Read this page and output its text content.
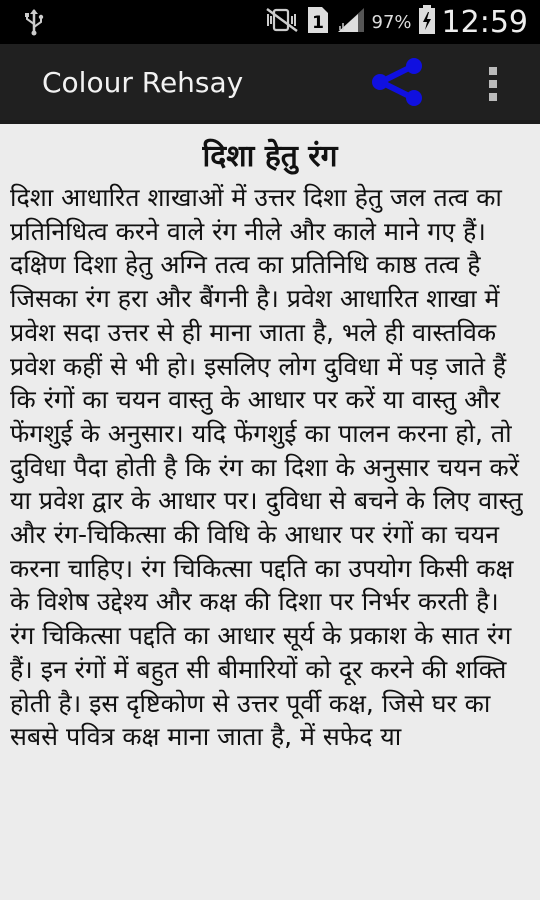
1	97% 12:59
Colour Rehsay
दिशा हेतु रंग
दिशा आधारित शाखाओं में उत्तर दिशा हेतु जल तत्व का प्रतिनिधित्व करने वाले रंग नीले और काले माने गए हैं। दक्षिण दिशा हेतु अग्नि तत्व का प्रतिनिधि काष्ठ तत्व है जिसका रंग हरा और बैंगनी है। प्रवेश आधारित शाखा में प्रवेश सदा उत्तर से ही माना जाता है, भले ही वास्तविक प्रवेश कहीं से भी हो। इसलिए लोग दुविधा में पड़ जाते हैं कि रंगों का चयन वास्तु के आधार पर करें या वास्तु और फेंगशुई के अनुसार। यदि फेंगशुई का पालन करना हो, तो दुविधा पैदा होती है कि रंग का दिशा के अनुसार चयन करें या प्रवेश द्वार के आधार पर। दुविधा से बचने के लिए वास्तु और रंग-चिकित्सा की विधि के आधार पर रंगों का चयन करना चाहिए। रंग चिकित्सा पद्दति का उपयोग किसी कक्ष के विशेष उद्देश्य और कक्ष की दिशा पर निर्भर करती है। रंग चिकित्सा पद्दति का आधार सूर्य के प्रकाश के सात रंग हैं। इन रंगों में बहुत सी बीमारियों को दूर करने की शक्ति होती है। इस दृष्टिकोण से उत्तर पूर्वी कक्ष, जिसे घर का सबसे पवित्र कक्ष माना जाता है, में सफेद या
